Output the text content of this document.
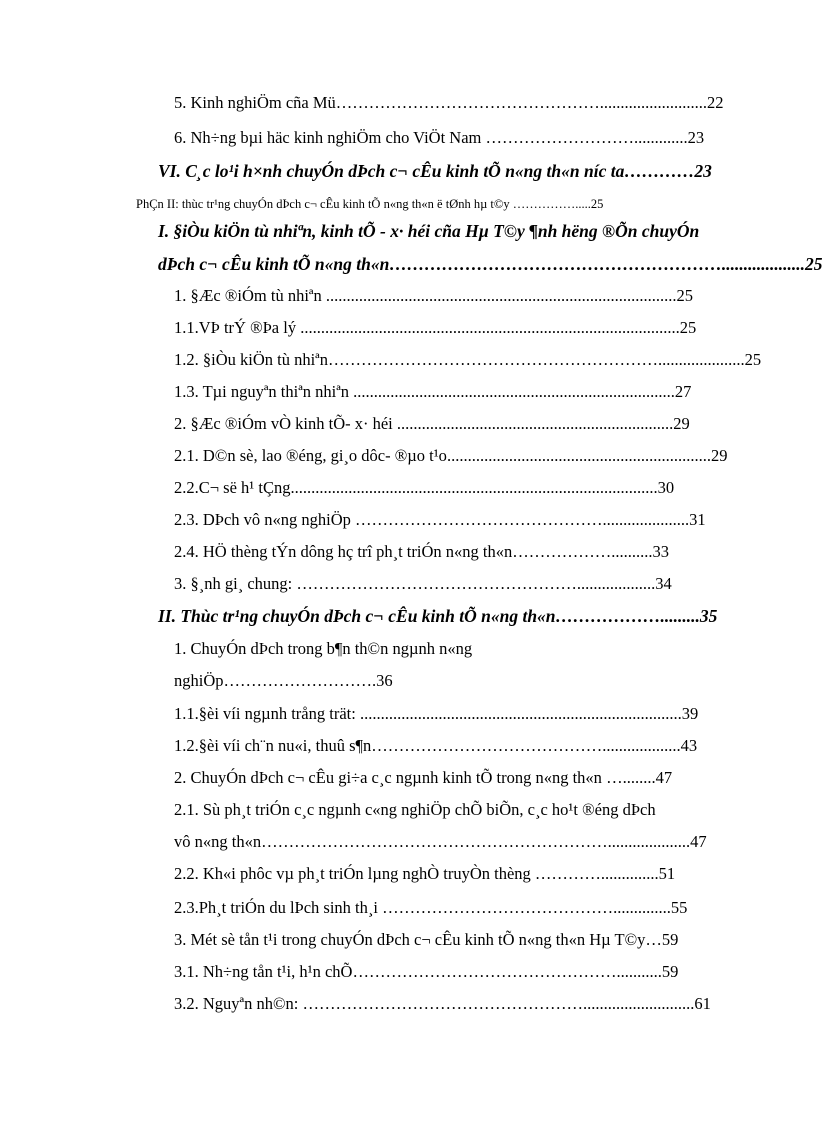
5. Kinh nghiÖm cña Mü…………………………………………..........................22
6. Nh÷ng bµi häc kinh nghiÖm cho ViÖt Nam ……………………….............23
VI. C¸c lo¹i h×nh chuyÓn dÞch c¬ cÊu kinh tÕ n«ng th«n níc ta…………23
PhÇn II: thùc tr¹ng chuyÓn dÞch c¬ cÊu kinh tÕ n«ng th«n ë tØnh hµ t©y …………….....25
I. §iÒu kiÖn tù nhiªn, kinh tÕ - x· héi cña Hµ T©y ¶nh hëng ®Õn chuyÓn
dÞch c¬ cÊu kinh tÕ n«ng th«n…………………………………………………...................25
1. §Æc ®iÓm tù nhiªn .....................................................................................25
1.1.VÞ trÝ ®Þa lý ............................................................................................25
1.2. §iÒu kiÖn tù nhiªn…………………………………………………….....................25
1.3. Tµi nguyªn thiªn nhiªn ..............................................................................27
2. §Æc ®iÓm vÒ kinh tÕ- x· héi ...................................................................29
2.1. D©n sè, lao ®éng, gi¸o dôc- ®µo t¹o................................................................29
2.2.C¬ së h¹ tÇng.........................................................................................30
2.3. DÞch vô n«ng nghiÖp ……………………………………….....................31
2.4. HÖ thèng tÝn dông hç trî ph¸t triÓn n«ng th«n………………..........33
3. §¸nh gi¸ chung: ……………………………………………...................34
II. Thùc tr¹ng chuyÓn dÞch c¬ cÊu kinh tÕ n«ng th«n……………….........35
1. ChuyÓn dÞch trong b¶n th©n ngµnh n«ng
nghiÖp……………………….36
1.1.§èi víi ngµnh trång trät: ..............................................................................39
1.2.§èi víi ch¨n nu«i, thuû s¶n……………………………………...................43
2. ChuyÓn dÞch c¬ cÊu gi÷a c¸c ngµnh kinh tÕ trong n«ng th«n …........47
2.1. Sù ph¸t triÓn c¸c ngµnh c«ng nghiÖp chÕ biÕn, c¸c ho¹t ®éng dÞch
vô n«ng th«n………………………………………………………....................47
2.2. Kh«i phôc vµ ph¸t triÓn lµng nghÒ truyÒn thèng …………..............51
2.3.Ph¸t triÓn du lÞch sinh th¸i ……………………………………..............55
3. Mét sè tån t¹i trong chuyÓn dÞch c¬ cÊu kinh tÕ n«ng th«n Hµ T©y…59
3.1. Nh÷ng tån t¹i, h¹n chÕ…………………………………………...........59
3.2. Nguyªn nh©n: ……………………………………………...........................61
